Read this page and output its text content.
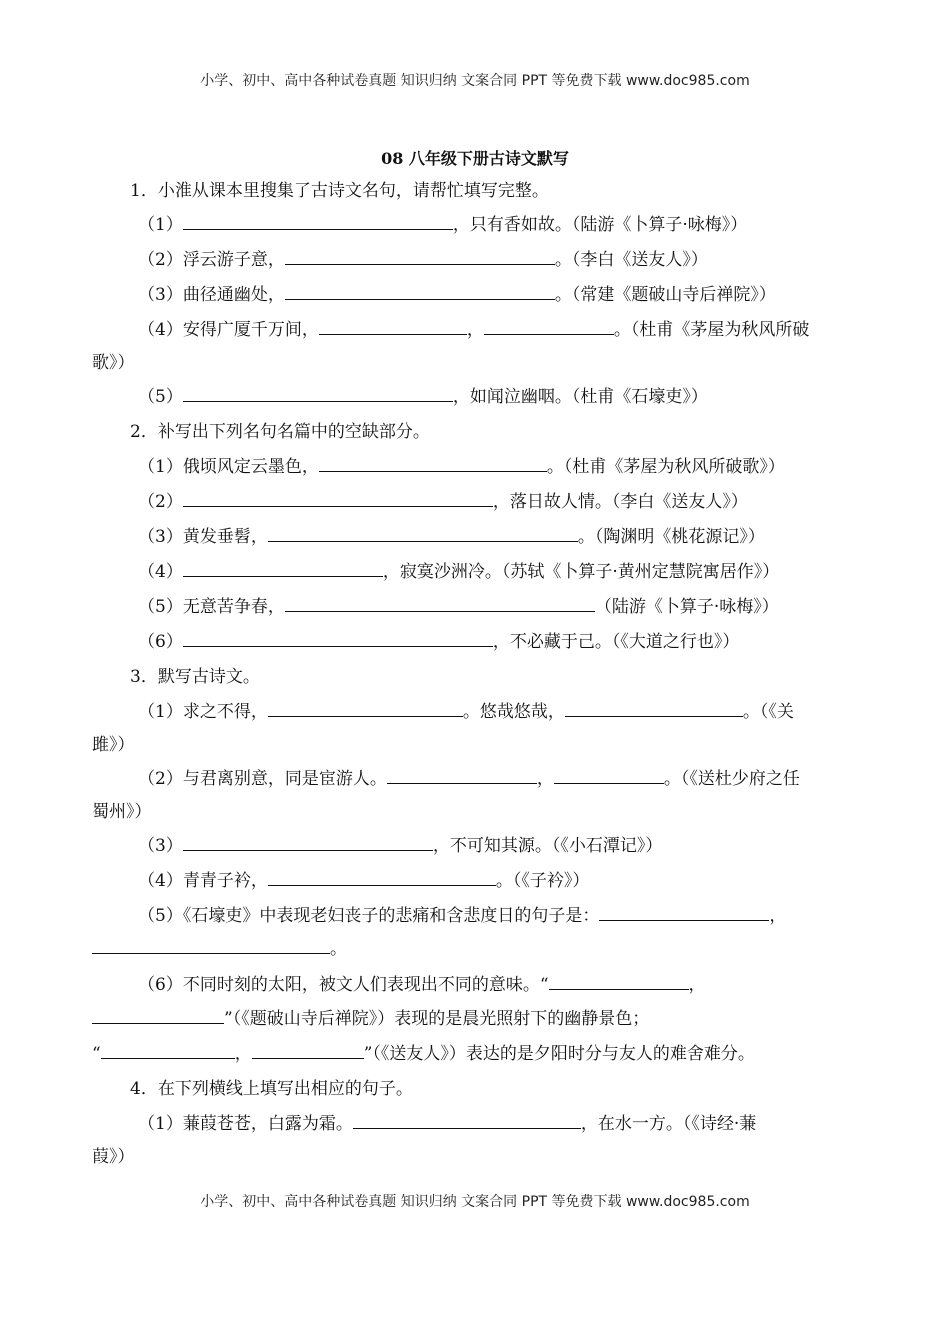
小学、初中、高中各种试卷真题 知识归纳 文案合同 PPT 等免费下载 www.doc985.com
08 八年级下册古诗文默写
1．小淮从课本里搜集了古诗文名句，请帮忙填写完整。
（1）	，只有香如故。（陆游《卜算子·咏梅》）
（2）浮云游子意，	。（李白《送友人》）
（3）曲径通幽处，	。（常建《题破山寺后禅院》）
（4）安得广厦千万间，	，	。（杜甫《茅屋为秋风所破
歌》）
（5）	，如闻泣幽咽。（杜甫《石壕吏》）
2．补写出下列名句名篇中的空缺部分。
（1）俄顷风定云墨色，	。（杜甫《茅屋为秋风所破歌》）
（2）	，落日故人情。（李白《送友人》）
（3）黄发垂髫，	。（陶渊明《桃花源记》）
（4）	，寂寞沙洲冷。（苏轼《卜算子·黄州定慧院寓居作》）
（5）无意苦争春，	（陆游《卜算子·咏梅》）
（6）	，不必藏于己。（《大道之行也》）
3．默写古诗文。
（1）求之不得，	。悠哉悠哉，	。（《关
雎》）
（2）与君离别意，同是宦游人。	，	。（《送杜少府之任
蜀州》）
（3）	，不可知其源。（《小石潭记》）
（4）青青子衿，	。（《子衿》）
（5）《石壕吏》中表现老妇丧子的悲痛和含悲度日的句子是：	，
。
（6）不同时刻的太阳，被文人们表现出不同的意味。“	，
”（《题破山寺后禅院》）表现的是晨光照射下的幽静景色；
“	，	”（《送友人》）表达的是夕阳时分与友人的难舍难分。
4．在下列横线上填写出相应的句子。
（1）蒹葭苍苍，白露为霜。	，在水一方。（《诗经·蒹
葭》）
小学、初中、高中各种试卷真题 知识归纳 文案合同 PPT 等免费下载 www.doc985.com
